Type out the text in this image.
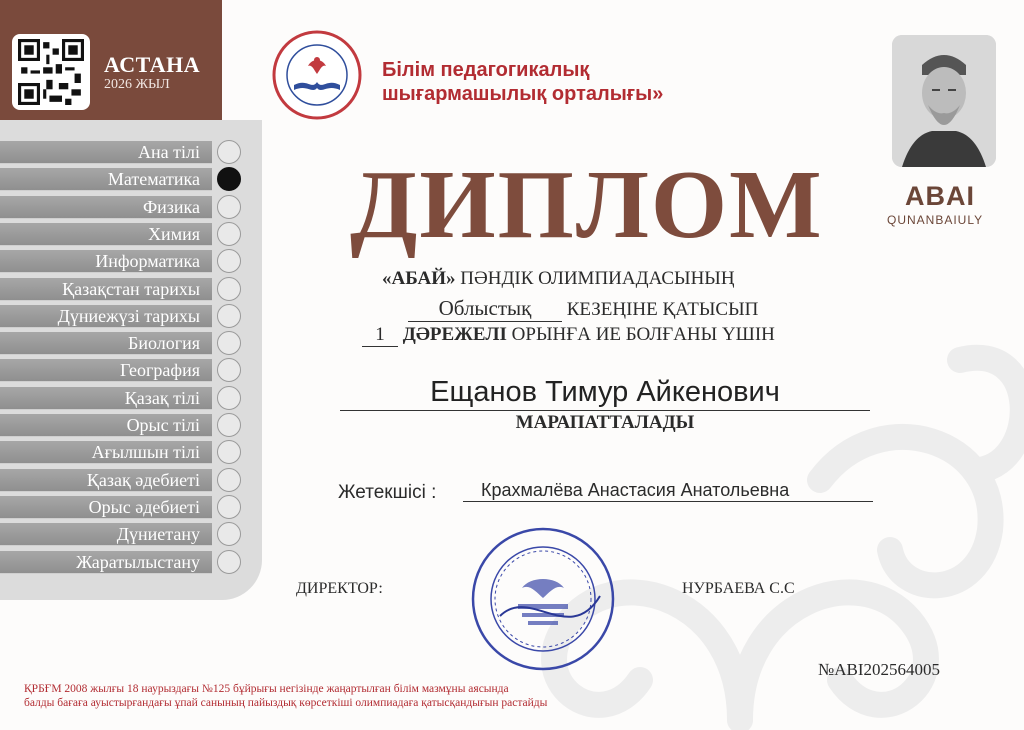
АСТАНА
2026 ЖЫЛ
Ана тілі
Математика
Физика
Химия
Информатика
Қазақстан тарихы
Дүниежүзі тарихы
Биология
География
Қазақ тілі
Орыс тілі
Ағылшын тілі
Қазақ әдебиеті
Орыс әдебиеті
Дүниетану
Жаратылыстану
Білім педагогикалық
шығармашылық орталығы»
ABAI
QUNANBAIULY
ДИПЛОМ
«АБАЙ» ПӘНДІК ОЛИМПИАДАСЫНЫҢ
Облыстық КЕЗЕҢІНЕ ҚАТЫСЫП
1 ДӘРЕЖЕЛІ ОРЫНҒА ИЕ БОЛҒАНЫ ҮШІН
Ещанов Тимур Айкенович
МАРАПАТТАЛАДЫ
Жетекшісі :	Крахмалёва Анастасия Анатольевна
ДИРЕКТОР:	НУРБАЕВА С.С
№ABI202564005
ҚРБҒМ 2008 жылғы 18 наурыздағы №125 бұйрығы негізінде жаңартылған білім мазмұны аясында
балды бағаға ауыстырғандағы ұпай санының пайыздық көрсеткіші олимпиадаға қатысқандығын растайды
